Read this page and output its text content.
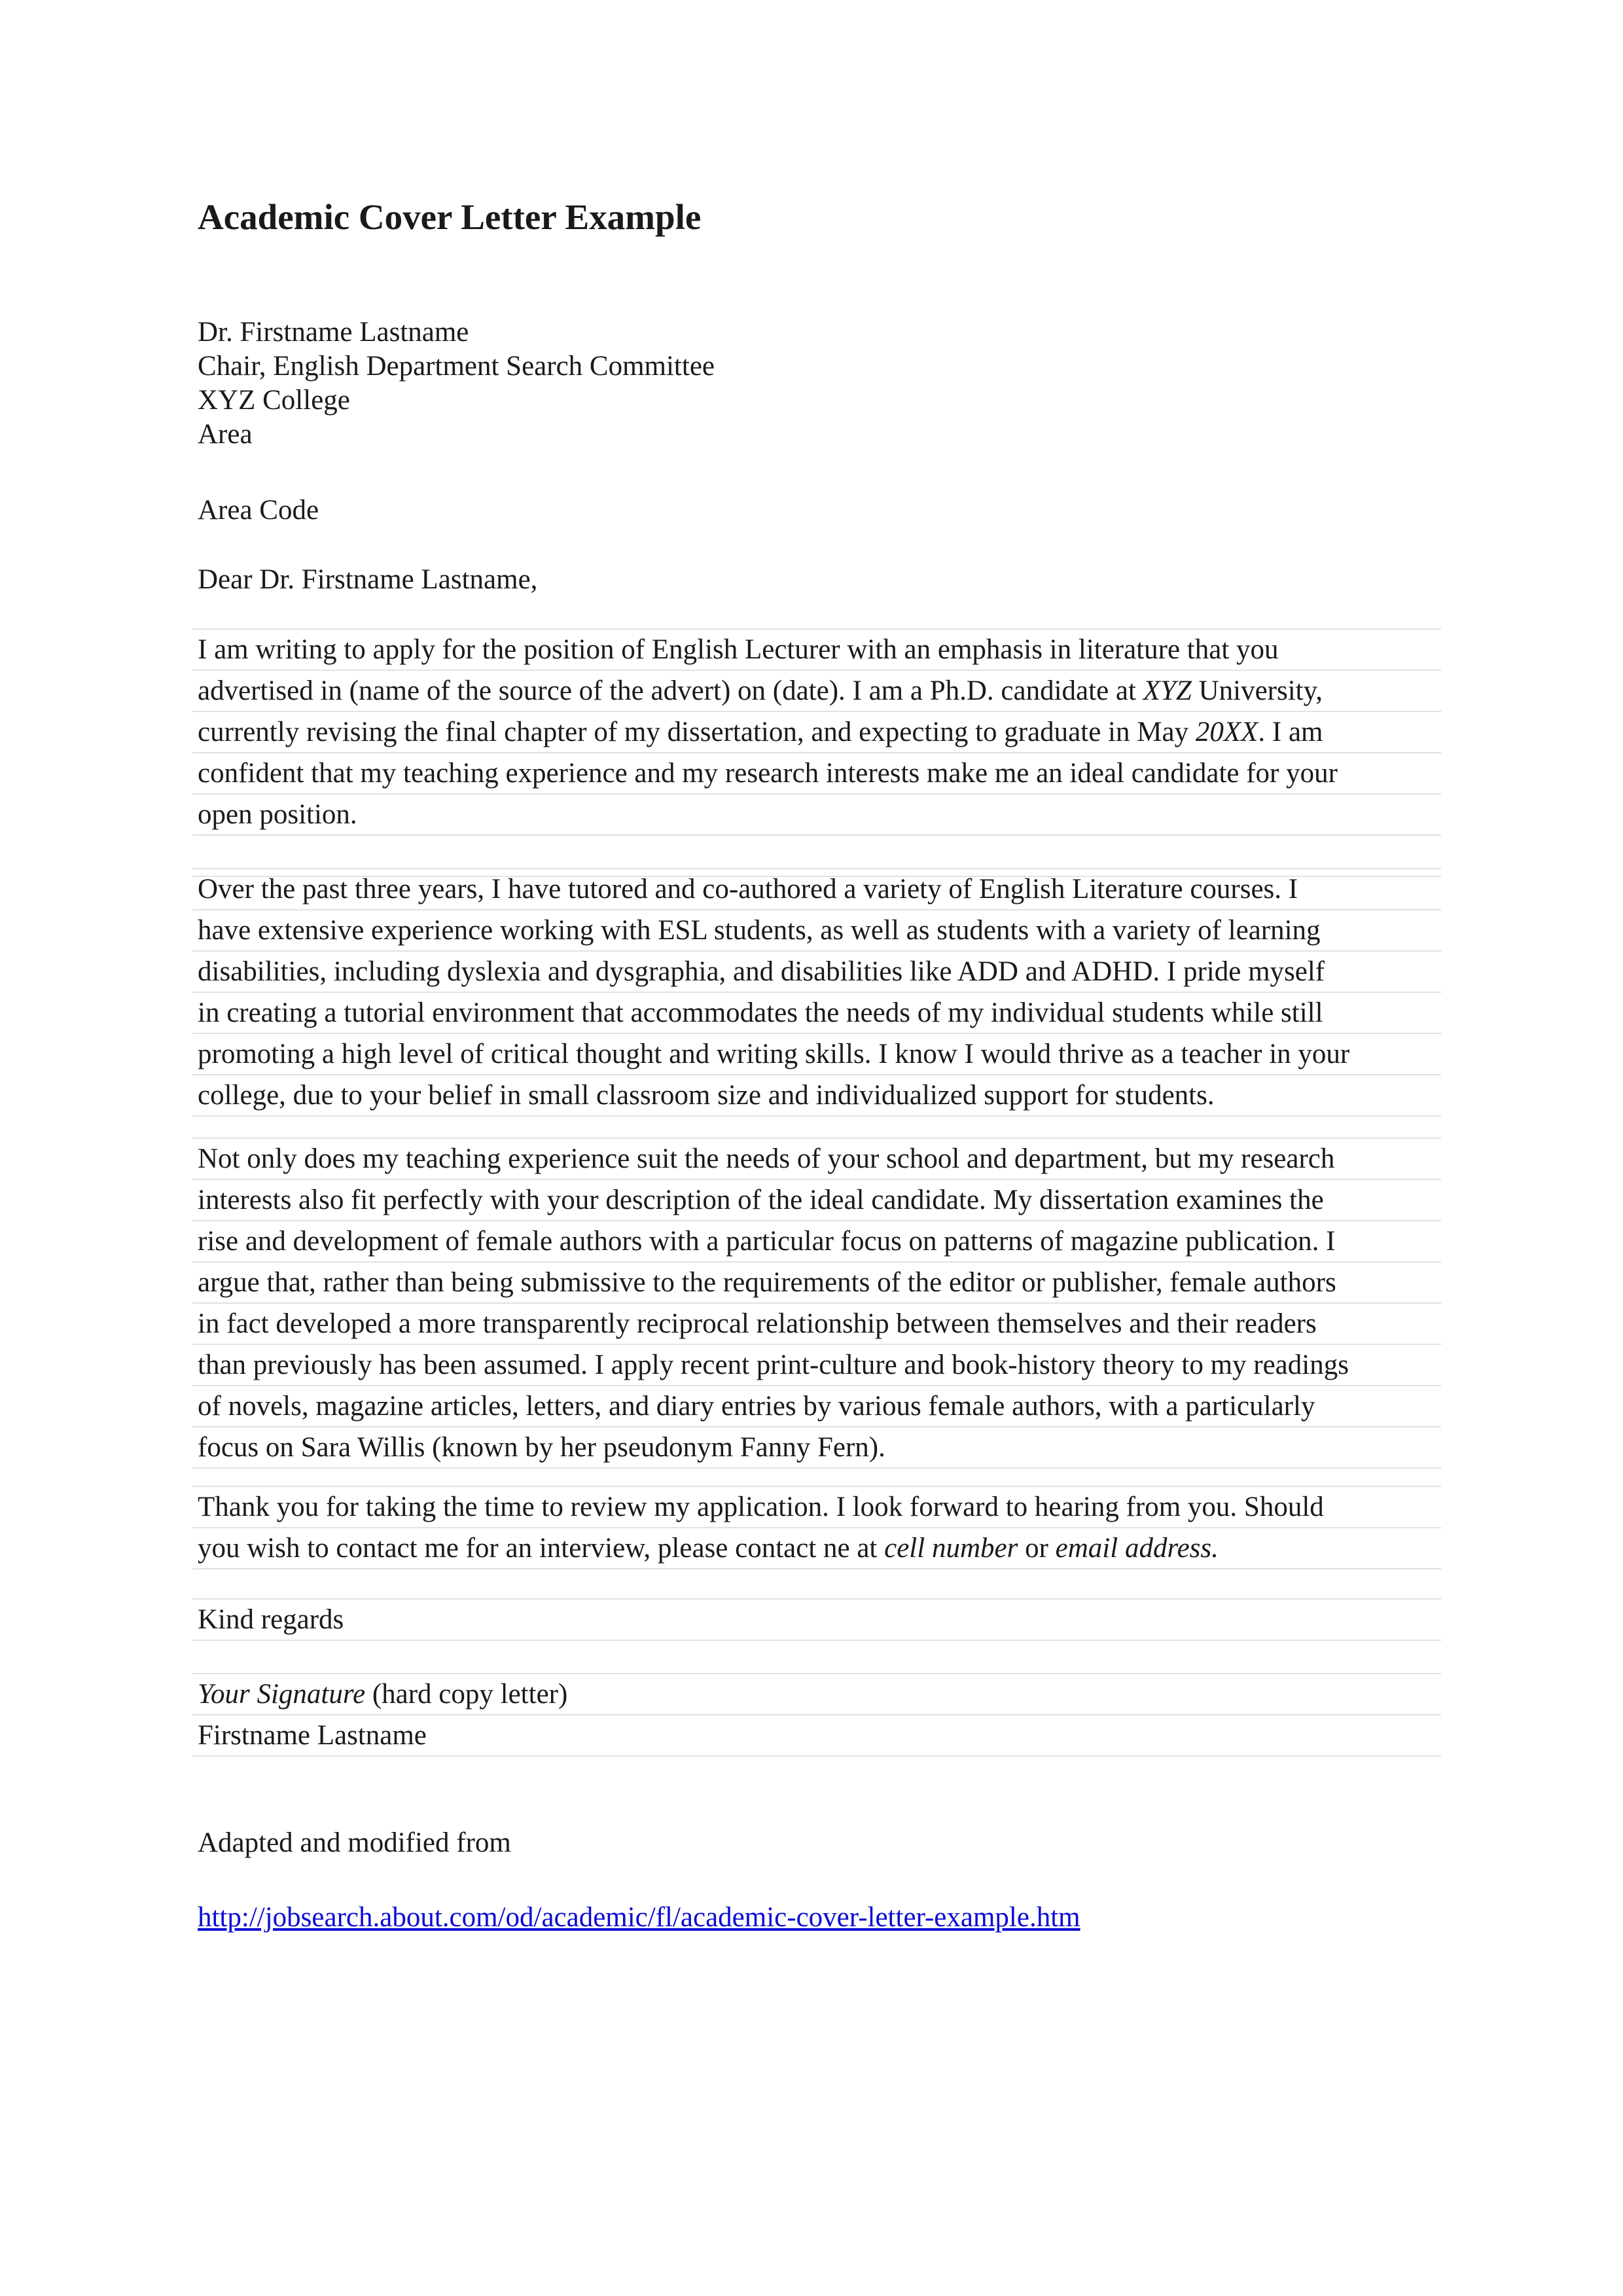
Academic Cover Letter Example
Dr. Firstname Lastname
Chair, English Department Search Committee
XYZ College
Area
Area Code
Dear Dr. Firstname Lastname,
I am writing to apply for the position of English Lecturer with an emphasis in literature that you
advertised in (name of the source of the advert) on (date). I am a Ph.D. candidate at XYZ University,
currently revising the final chapter of my dissertation, and expecting to graduate in May 20XX. I am
confident that my teaching experience and my research interests make me an ideal candidate for your
open position.
Over the past three years, I have tutored and co-authored a variety of English Literature courses. I
have extensive experience working with ESL students, as well as students with a variety of learning
disabilities, including dyslexia and dysgraphia, and disabilities like ADD and ADHD. I pride myself
in creating a tutorial environment that accommodates the needs of my individual students while still
promoting a high level of critical thought and writing skills. I know I would thrive as a teacher in your
college, due to your belief in small classroom size and individualized support for students.
Not only does my teaching experience suit the needs of your school and department, but my research
interests also fit perfectly with your description of the ideal candidate. My dissertation examines the
rise and development of female authors with a particular focus on patterns of magazine publication. I
argue that, rather than being submissive to the requirements of the editor or publisher, female authors
in fact developed a more transparently reciprocal relationship between themselves and their readers
than previously has been assumed. I apply recent print-culture and book-history theory to my readings
of novels, magazine articles, letters, and diary entries by various female authors, with a particularly
focus on Sara Willis (known by her pseudonym Fanny Fern).
Thank you for taking the time to review my application. I look forward to hearing from you. Should
you wish to contact me for an interview, please contact ne at cell number or email address.
Kind regards
Your Signature (hard copy letter)
Firstname Lastname
Adapted and modified from
http://jobsearch.about.com/od/academic/fl/academic-cover-letter-example.htm
